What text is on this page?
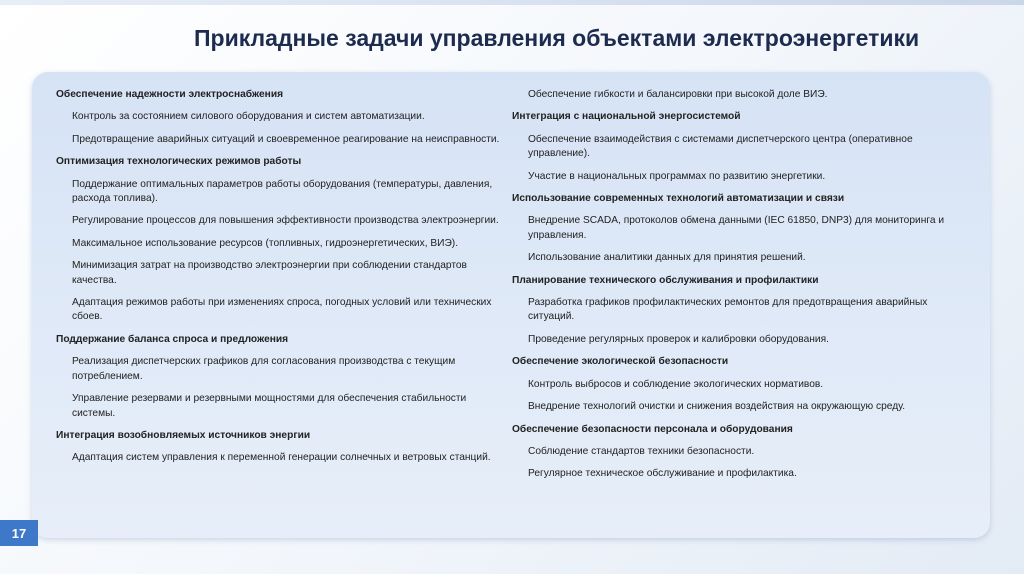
Прикладные задачи управления объектами электроэнергетики
Обеспечение надежности электроснабжения
Контроль за состоянием силового оборудования и систем автоматизации.
Предотвращение аварийных ситуаций и своевременное реагирование на неисправности.
Оптимизация технологических режимов работы
Поддержание оптимальных параметров работы оборудования (температуры, давления, расхода топлива).
Регулирование процессов для повышения эффективности производства электроэнергии.
Максимальное использование ресурсов (топливных, гидроэнергетических, ВИЭ).
Минимизация затрат на производство электроэнергии при соблюдении стандартов качества.
Адаптация режимов работы при изменениях спроса, погодных условий или технических сбоев.
Поддержание баланса спроса и предложения
Реализация диспетчерских графиков для согласования производства с текущим потреблением.
Управление резервами и резервными мощностями для обеспечения стабильности системы.
Интеграция возобновляемых источников энергии
Адаптация систем управления к переменной генерации солнечных и ветровых станций.
Обеспечение гибкости и балансировки при высокой доле ВИЭ.
Интеграция с национальной энергосистемой
Обеспечение взаимодействия с системами диспетчерского центра (оперативное управление).
Участие в национальных программах по развитию энергетики.
Использование современных технологий автоматизации и связи
Внедрение SCADA, протоколов обмена данными (IEC 61850, DNP3) для мониторинга и управления.
Использование аналитики данных для принятия решений.
Планирование технического обслуживания и профилактики
Разработка графиков профилактических ремонтов для предотвращения аварийных ситуаций.
Проведение регулярных проверок и калибровки оборудования.
Обеспечение экологической безопасности
Контроль выбросов и соблюдение экологических нормативов.
Внедрение технологий очистки и снижения воздействия на окружающую среду.
Обеспечение безопасности персонала и оборудования
Соблюдение стандартов техники безопасности.
Регулярное техническое обслуживание и профилактика.
17
